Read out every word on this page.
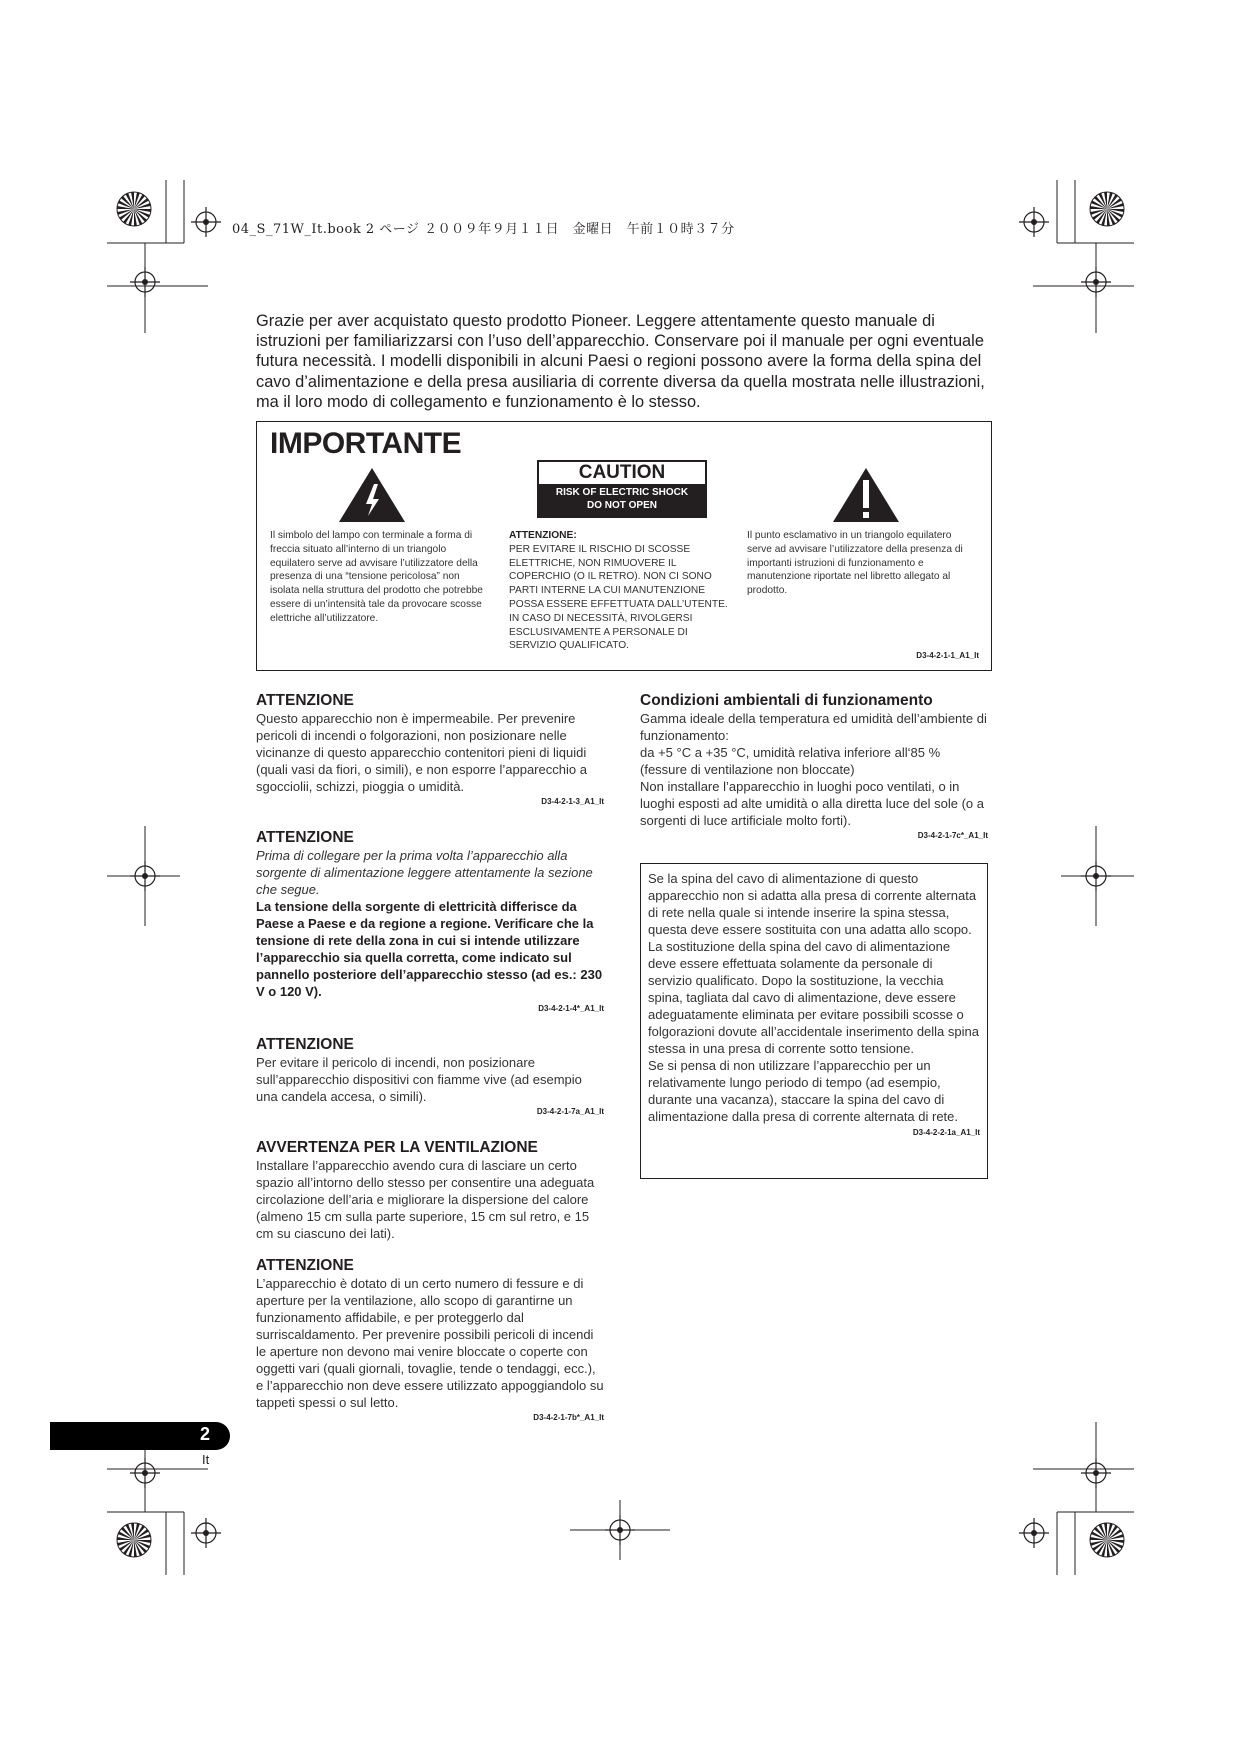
04_S_71W_It.book 2 ページ ２００９年９月１１日　金曜日　午前１０時３７分

Grazie per aver acquistato questo prodotto Pioneer. Leggere attentamente questo manuale di istruzioni per familiarizzarsi con l’uso dell’apparecchio. Conservare poi il manuale per ogni eventuale futura necessità. I modelli disponibili in alcuni Paesi o regioni possono avere la forma della spina del cavo d’alimentazione e della presa ausiliaria di corrente diversa da quella mostrata nelle illustrazioni, ma il loro modo di collegamento e funzionamento è lo stesso.

IMPORTANTE
CAUTION
RISK OF ELECTRIC SHOCK
DO NOT OPEN
Il simbolo del lampo con terminale a forma di freccia situato all’interno di un triangolo equilatero serve ad avvisare l’utilizzatore della presenza di una “tensione pericolosa” non isolata nella struttura del prodotto che potrebbe essere di un’intensità tale da provocare scosse elettriche all’utilizzatore.
ATTENZIONE:
PER EVITARE IL RISCHIO DI SCOSSE ELETTRICHE, NON RIMUOVERE IL COPERCHIO (O IL RETRO). NON CI SONO PARTI INTERNE LA CUI MANUTENZIONE POSSA ESSERE EFFETTUATA DALL’UTENTE. IN CASO DI NECESSITÀ, RIVOLGERSI ESCLUSIVAMENTE A PERSONALE DI SERVIZIO QUALIFICATO.
Il punto esclamativo in un triangolo equilatero serve ad avvisare l’utilizzatore della presenza di importanti istruzioni di funzionamento e manutenzione riportate nel libretto allegato al prodotto.
D3-4-2-1-1_A1_It

ATTENZIONE

Questo apparecchio non è impermeabile. Per prevenire pericoli di incendi o folgorazioni, non posizionare nelle vicinanze di questo apparecchio contenitori pieni di liquidi (quali vasi da fiori, o simili), e non esporre l’apparecchio a sgocciolii, schizzi, pioggia o umidità.

D3-4-2-1-3_A1_It

ATTENZIONE

Prima di collegare per la prima volta l’apparecchio alla sorgente di alimentazione leggere attentamente la sezione che segue.

La tensione della sorgente di elettricità differisce da Paese a Paese e da regione a regione. Verificare che la tensione di rete della zona in cui si intende utilizzare l’apparecchio sia quella corretta, come indicato sul pannello posteriore dell’apparecchio stesso (ad es.: 230 V o 120 V).

D3-4-2-1-4*_A1_It

ATTENZIONE

Per evitare il pericolo di incendi, non posizionare sull’apparecchio dispositivi con fiamme vive (ad esempio una candela accesa, o simili).

D3-4-2-1-7a_A1_It

AVVERTENZA PER LA VENTILAZIONE

Installare l’apparecchio avendo cura di lasciare un certo spazio all’intorno dello stesso per consentire una adeguata circolazione dell’aria e migliorare la dispersione del calore (almeno 15 cm sulla parte superiore, 15 cm sul retro, e 15 cm su ciascuno dei lati).

ATTENZIONE

L’apparecchio è dotato di un certo numero di fessure e di aperture per la ventilazione, allo scopo di garantirne un funzionamento affidabile, e per proteggerlo dal surriscaldamento. Per prevenire possibili pericoli di incendi le aperture non devono mai venire bloccate o coperte con oggetti vari (quali giornali, tovaglie, tende o tendaggi, ecc.), e l’apparecchio non deve essere utilizzato appoggiandolo su tappeti spessi o sul letto.

D3-4-2-1-7b*_A1_It

Condizioni ambientali di funzionamento

Gamma ideale della temperatura ed umidità dell’ambiente di funzionamento:

da +5 °C a +35 °C, umidità relativa inferiore all‘85 % (fessure di ventilazione non bloccate)

Non installare l’apparecchio in luoghi poco ventilati, o in luoghi esposti ad alte umidità o alla diretta luce del sole (o a sorgenti di luce artificiale molto forti).

D3-4-2-1-7c*_A1_It

Se la spina del cavo di alimentazione di questo apparecchio non si adatta alla presa di corrente alternata di rete nella quale si intende inserire la spina stessa, questa deve essere sostituita con una adatta allo scopo. La sostituzione della spina del cavo di alimentazione deve essere effettuata solamente da personale di servizio qualificato. Dopo la sostituzione, la vecchia spina, tagliata dal cavo di alimentazione, deve essere adeguatamente eliminata per evitare possibili scosse o folgorazioni dovute all’accidentale inserimento della spina stessa in una presa di corrente sotto tensione.

Se si pensa di non utilizzare l’apparecchio per un relativamente lungo periodo di tempo (ad esempio, durante una vacanza), staccare la spina del cavo di alimentazione dalla presa di corrente alternata di rete.

D3-4-2-2-1a_A1_It
2
It
